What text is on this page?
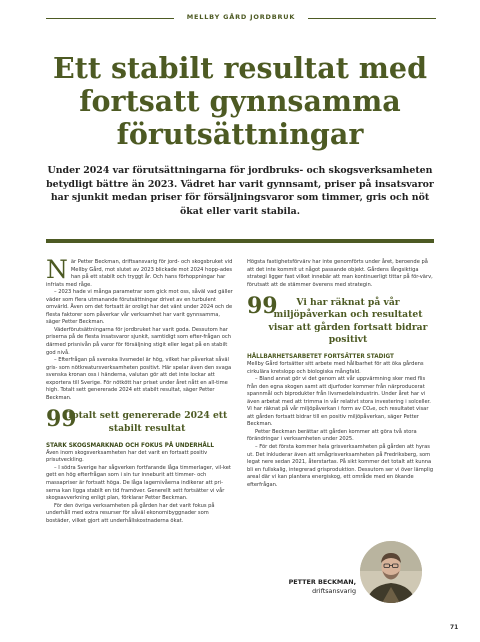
MELLBY GÅRD JORDBRUK
Ett stabilt resultat med fortsatt gynnsamma förutsättningar
Under 2024 var förutsättningarna för jordbruks- och skogsverksamheten betydligt bättre än 2023. Vädret har varit gynnsamt, priser på insatsvaror har sjunkit medan priser för försäljningsvaror som timmer, gris och nöt ökat eller varit stabila.

När Petter Beckman, driftsansvarig för jord- och skogsbruket vid Mellby Gård, mot slutet av 2023 blickade mot 2024 hopp-ades han på ett stabilt och tryggt år. Och hans förhoppningar har infriats med råge.

– 2023 hade vi många parametrar som gick mot oss, såväl vad gäller väder som flera utmanande förutsättningar drivet av en turbulent omvärld. Även om det fortsatt är oroligt har det vänt under 2024 och de flesta faktorer som påverkar vår verksamhet har varit gynnsamma, säger Petter Beckman.

Väderförutsättningarna för jordbruket har varit goda. Dessutom har priserna på de flesta insatsvaror sjunkit, samtidigt som efter-frågan och därmed prisnivån på varor för försäljning stigit eller legat på en stabilt god nivå.

– Efterfrågan på svenska livsmedel är hög, vilket har påverkat såväl gris- som nötkreatursverksamheten positivt. Här spelar även den svaga svenska kronan oss i händerna, valutan gör att det inte lockar att exportera till Sverige. För nötkött har priset under året nått en all-time high. Totalt sett genererade 2024 ett stabilt resultat, säger Petter Beckman.

99
Totalt sett genererade 2024 ett stabilt resultat
STARK SKOGSMARKNAD OCH FOKUS PÅ UNDERHÅLL

Även inom skogsverksamheten har det varit en fortsatt positiv prisutveckling.

– I södra Sverige har sågverken fortfarande låga timmerlager, vil-ket gett en hög efterfrågan som i sin tur inneburit att timmer- och massapriser är fortsatt höga. De låga lagernivåerna indikerar att pri-serna kan ligga stabilt en tid framöver. Generellt sett fortsätter vi vår skogsavverkning enligt plan, förklarar Petter Beckman.

För den övriga verksamheten på gården har det varit fokus på underhåll med extra resurser för såväl ekonomibyggnader som bostäder, vilket gjort att underhållskostnaderna ökat.

Högsta fastighetsförvärv har inte genomförts under året, beroende på att det inte kommit ut något passande objekt. Gårdens långsiktiga strategi ligger fast vilket innebär att man kontinuerligt tittar på för-värv, förutsatt att de stämmer överens med strategin.

99	Vi har räknat på vår miljöpåverkan och resultatet visar att gården fortsatt bidrar positivt
HÅLLBARHETSARBETET FORTSÄTTER STADIGT

Mellby Gård fortsätter sitt arbete med hållbarhet för att öka gårdens cirkulära kretslopp och biologiska mångfald.

– Bland annat gör vi det genom att vår uppvärmning sker med flis från den egna skogen samt att djurfoder kommer från närproducerat spannmål och biprodukter från livsmedelsindustrin. Under året har vi även arbetat med att trimma in vår relativt stora investering i solceller. Vi har räknat på vår miljöpåverkan i form av CO₂e, och resultatet visar att gården fortsatt bidrar till en positiv miljöpåverkan, säger Petter Beckman.

Petter Beckman berättar att gården kommer att göra två stora förändringar i verksamheten under 2025.

– För det första kommer hela grisverksamheten på gården att hyras ut. Det inkluderar även att smågrisverksamheten på Fredriksberg, som legat nere sedan 2021, återstartas. På sikt kommer det totalt att kunna bli en fullskalig, integrerad grisproduktion. Dessutom ser vi över lämplig areal där vi kan plantera energiskog, ett område med en ökande efterfrågan.

PETTER BECKMAN,
driftsansvarig
71
